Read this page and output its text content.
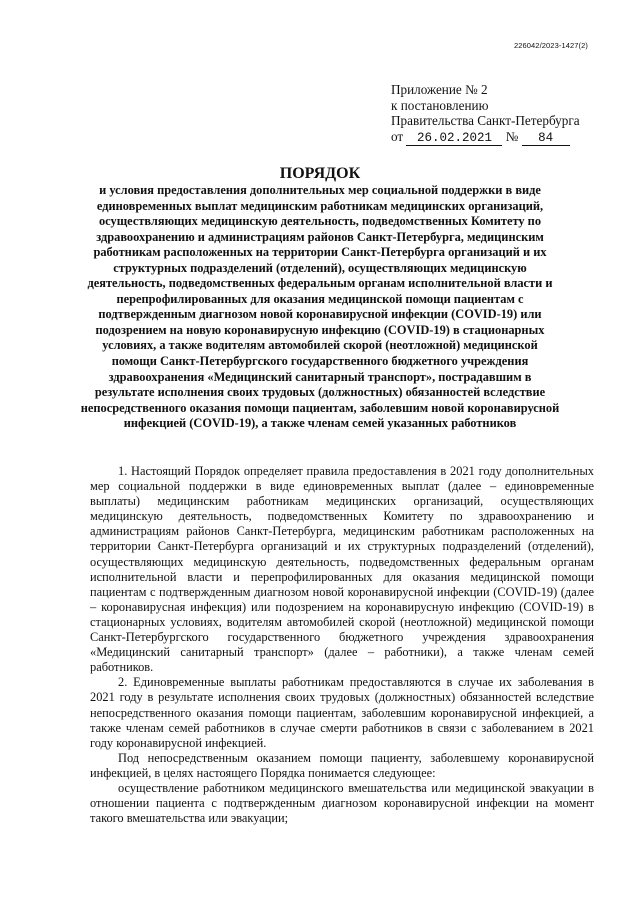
226042/2023-1427(2)
Приложение № 2
к постановлению
Правительства Санкт-Петербурга
от 26.02.2021 № 84
ПОРЯДОК
и условия предоставления дополнительных мер социальной поддержки в виде единовременных выплат медицинским работникам медицинских организаций, осуществляющих медицинскую деятельность, подведомственных Комитету по здравоохранению и администрациям районов Санкт-Петербурга, медицинским работникам расположенных на территории Санкт-Петербурга организаций и их структурных подразделений (отделений), осуществляющих медицинскую деятельность, подведомственных федеральным органам исполнительной власти и перепрофилированных для оказания медицинской помощи пациентам с подтвержденным диагнозом новой коронавирусной инфекции (COVID-19) или подозрением на новую коронавирусную инфекцию (COVID-19) в стационарных условиях, а также водителям автомобилей скорой (неотложной) медицинской помощи Санкт-Петербургского государственного бюджетного учреждения здравоохранения «Медицинский санитарный транспорт», пострадавшим в результате исполнения своих трудовых (должностных) обязанностей вследствие непосредственного оказания помощи пациентам, заболевшим новой коронавирусной инфекцией (COVID-19), а также членам семей указанных работников

1. Настоящий Порядок определяет правила предоставления в 2021 году дополнительных мер социальной поддержки в виде единовременных выплат (далее – единовременные выплаты) медицинским работникам медицинских организаций, осуществляющих медицинскую деятельность, подведомственных Комитету по здравоохранению и администрациям районов Санкт-Петербурга, медицинским работникам расположенных на территории Санкт-Петербурга организаций и их структурных подразделений (отделений), осуществляющих медицинскую деятельность, подведомственных федеральным органам исполнительной власти и перепрофилированных для оказания медицинской помощи пациентам с подтвержденным диагнозом новой коронавирусной инфекции (COVID-19) (далее – коронавирусная инфекция) или подозрением на коронавирусную инфекцию (COVID-19) в стационарных условиях, водителям автомобилей скорой (неотложной) медицинской помощи Санкт-Петербургского государственного бюджетного учреждения здравоохранения «Медицинский санитарный транспорт» (далее – работники), а также членам семей работников.

2. Единовременные выплаты работникам предоставляются в случае их заболевания в 2021 году в результате исполнения своих трудовых (должностных) обязанностей вследствие непосредственного оказания помощи пациентам, заболевшим коронавирусной инфекцией, а также членам семей работников в случае смерти работников в связи с заболеванием в 2021 году коронавирусной инфекцией.

Под непосредственным оказанием помощи пациенту, заболевшему коронавирусной инфекцией, в целях настоящего Порядка понимается следующее:

осуществление работником медицинского вмешательства или медицинской эвакуации в отношении пациента с подтвержденным диагнозом коронавирусной инфекции на момент такого вмешательства или эвакуации;
